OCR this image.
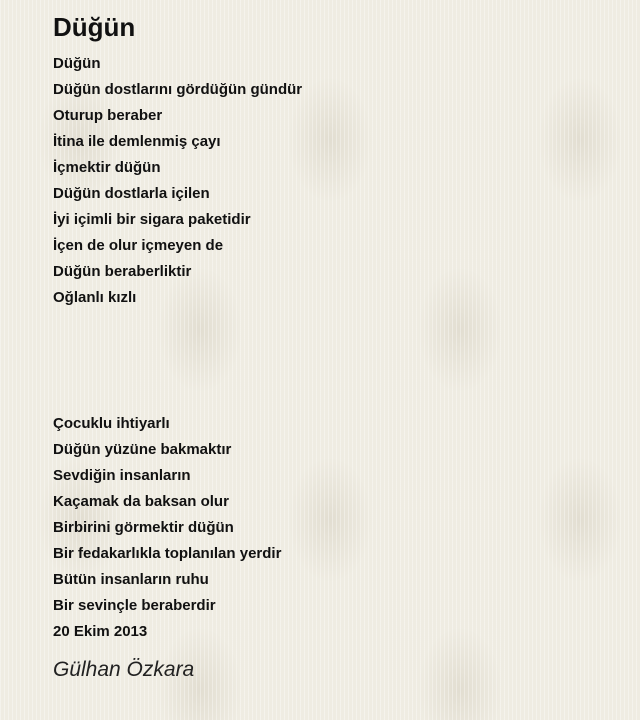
Düğün
Düğün
Düğün dostlarını gördüğün gündür
Oturup beraber
İtina ile demlenmiş çayı
İçmektir düğün
Düğün dostlarla içilen
İyi içimli bir sigara paketidir
İçen de olur içmeyen de
Düğün beraberliktir
Oğlanlı kızlı
Çocuklu ihtiyarlı
Düğün yüzüne bakmaktır
Sevdiğin insanların
Kaçamak da baksan olur
Birbirini görmektir düğün
Bir fedakarlıkla toplanılan yerdir
Bütün insanların ruhu
Bir sevinçle beraberdir
20 Ekim 2013
Gülhan Özkara
